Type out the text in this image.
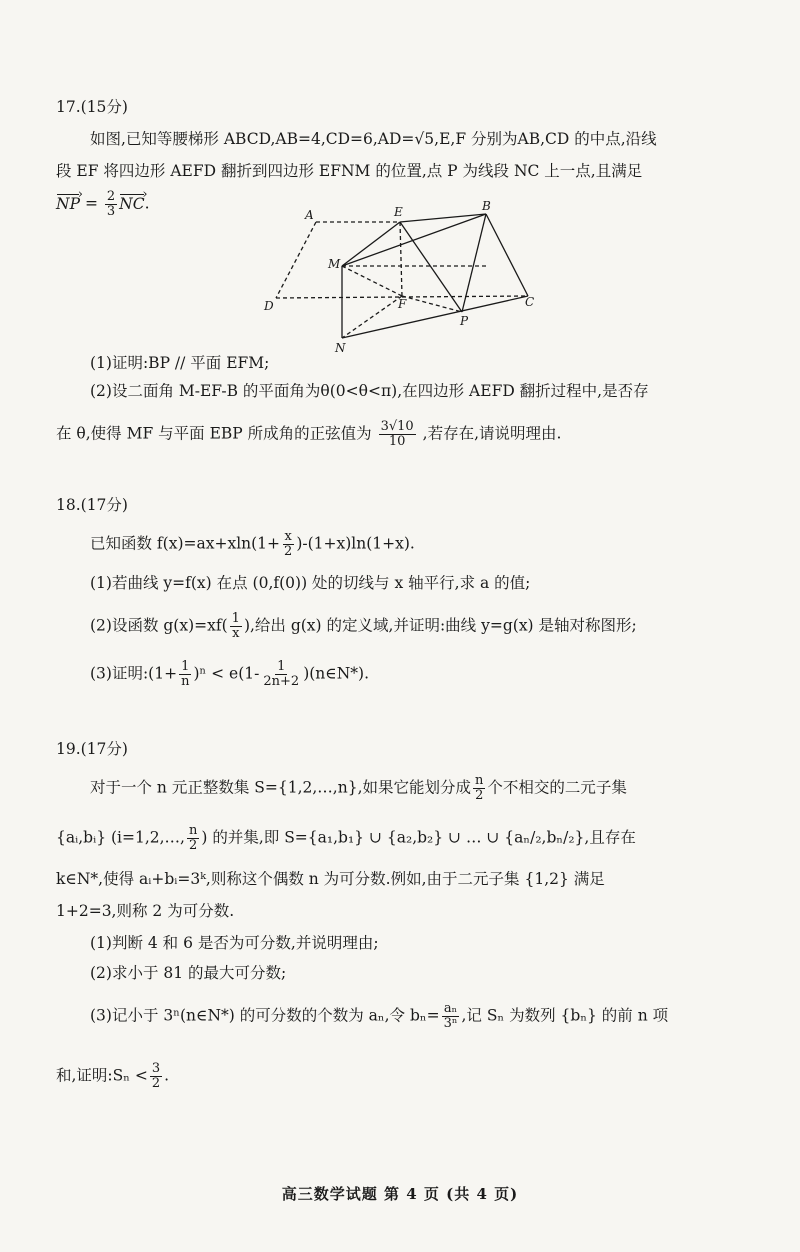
17.(15分)
如图,已知等腰梯形 ABCD,AB=4,CD=6,AD=√5,E,F 分别为AB,CD 的中点,沿线
段 EF 将四边形 AEFD 翻折到四边形 EFNM 的位置,点 P 为线段 NC 上一点,且满足
NP › = $\frac{2}{3}$ NC ›.
A	E	B
M
D	F
P
C
N
(1)证明:BP // 平面 EFM;
(2)设二面角 M-EF-B 的平面角为θ(0<θ<π),在四边形 AEFD 翻折过程中,是否存
在 θ,使得 MF 与平面 EBP 所成角的正弦值为 $\frac{3√10}{10}$ ,若存在,请说明理由.
18.(17分)
已知函数 $f(x)=ax+xln(1+ \frac{x}{2} )-(1+x)\ln(1+x)$.
(1)若曲线 y=f(x) 在点 (0,f(0)) 处的切线与 x 轴平行,求 a 的值;
(2)设函数 $g(x)=xf( \frac{1}{x}$ ),给出 g(x) 的定义域,并证明:曲线 y=g(x) 是轴对称图形;
(3)证明:(1+ $\frac{1}{n} )^n < e(1- \frac{1}{2n+2}$ )(n∈N*).
19.(17分)
对于一个 n 元正整数集 S={1,2,…,n},如果它能划分成 $\frac{n}{2}$ 个不相交的二元子集
{aᵢ,bᵢ} (i=1,2,…, $\frac{n}{2}$ ) 的并集,即 S={a₁,b₁} ∪ {a₂,b₂} ∪ … ∪ {aₙ/₂,bₙ/₂},且存在
k∈N*,使得 aᵢ+bᵢ=3ᵏ,则称这个偶数 n 为可分数.例如,由于二元子集 {1,2} 满足
1+2=3,则称 2 为可分数.
(1)判断 4 和 6 是否为可分数,并说明理由;
(2)求小于 81 的最大可分数;
(3)记小于 3ⁿ(n∈N*) 的可分数的个数为 aₙ,令 $b_n= \frac{\text{aₙ}}{\text{3ⁿ}}$ ,记 Sₙ 为数列 {bₙ} 的前 n 项
和,证明:Sₙ < $\frac{3}{2}$ .
高三数学试题 第 4 页 (共 4 页)
